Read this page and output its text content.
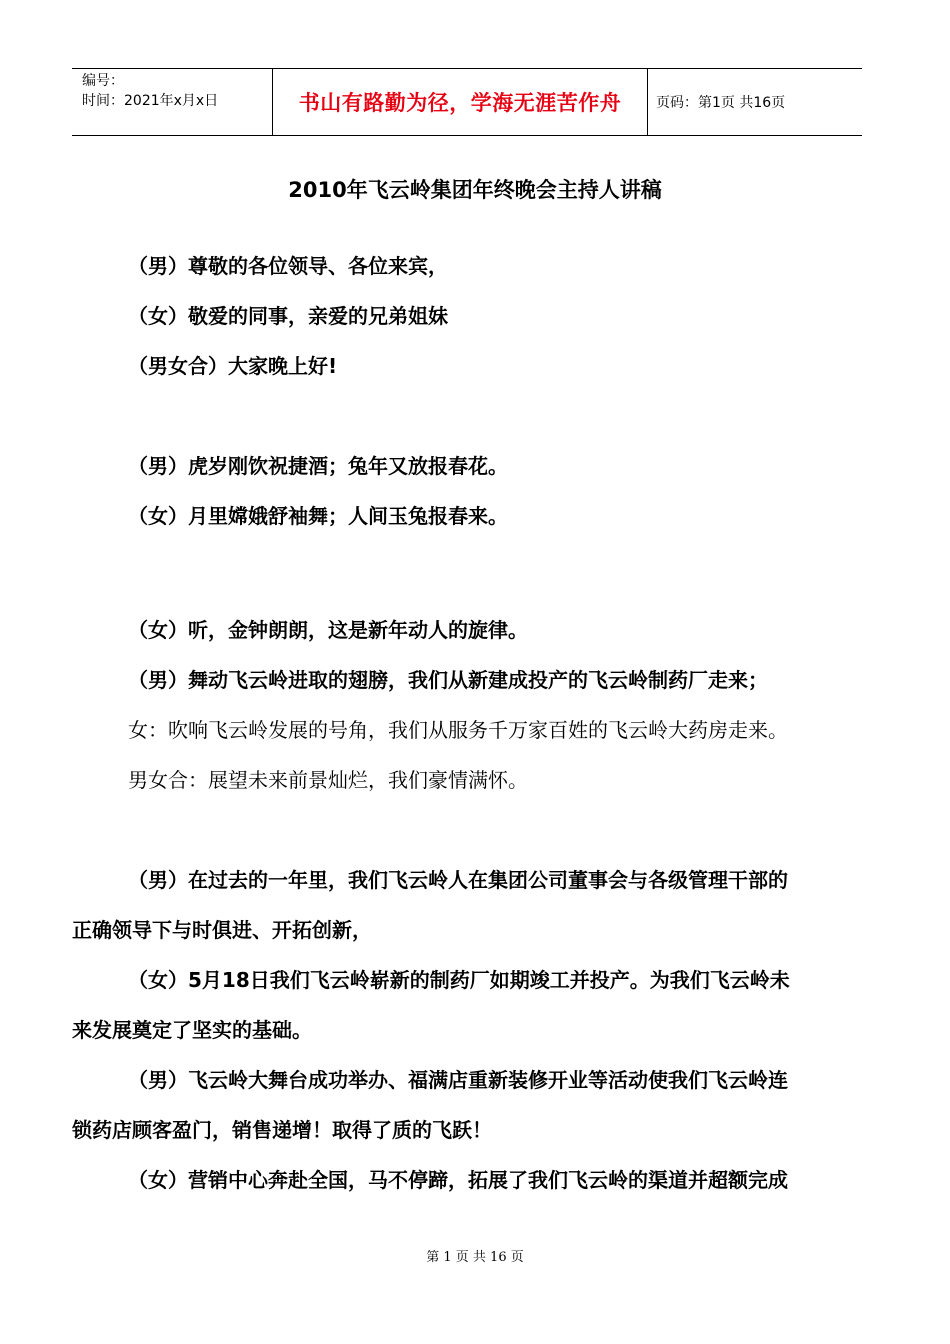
编号：
时间：2021年x月x日	书山有路勤为径，学海无涯苦作舟 页码：第1页 共16页
2010年飞云岭集团年终晚会主持人讲稿
（男）尊敬的各位领导、各位来宾，
（女）敬爱的同事，亲爱的兄弟姐妹
（男女合）大家晚上好!
（男）虎岁刚饮祝捷酒；兔年又放报春花。
（女）月里嫦娥舒袖舞；人间玉兔报春来。
（女）听，金钟朗朗，这是新年动人的旋律。
（男）舞动飞云岭进取的翅膀，我们从新建成投产的飞云岭制药厂走来；
女：吹响飞云岭发展的号角，我们从服务千万家百姓的飞云岭大药房走来。
男女合：展望未来前景灿烂，我们豪情满怀。
（男）在过去的一年里，我们飞云岭人在集团公司董事会与各级管理干部的
正确领导下与时俱进、开拓创新，
（女）5月18日我们飞云岭崭新的制药厂如期竣工并投产。为我们飞云岭未
来发展奠定了坚实的基础。
（男）飞云岭大舞台成功举办、福满店重新装修开业等活动使我们飞云岭连
锁药店顾客盈门，销售递增！取得了质的飞跃！
（女）营销中心奔赴全国，马不停蹄，拓展了我们飞云岭的渠道并超额完成
第 1 页 共 16 页
